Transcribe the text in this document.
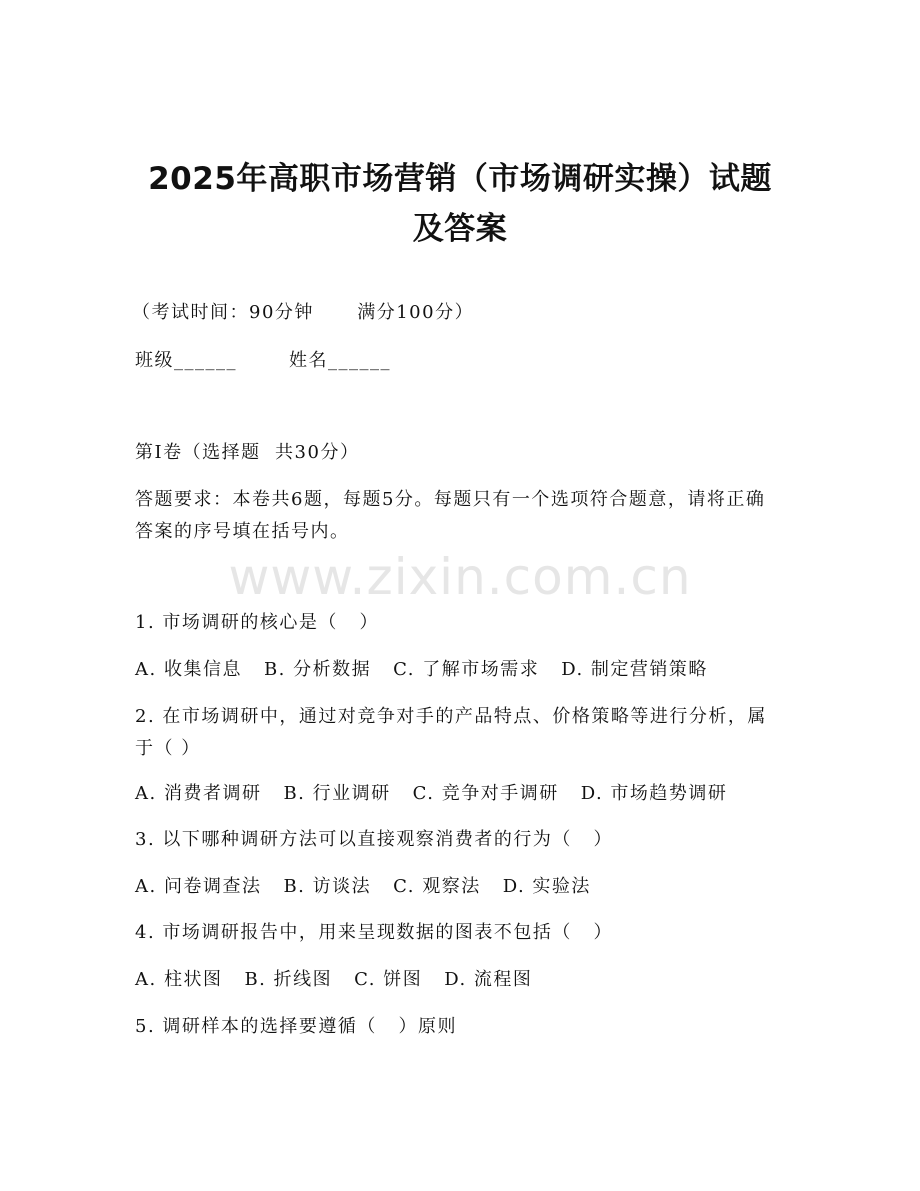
2025年高职市场营销（市场调研实操）试题
及答案
（考试时间：90分钟      满分100分）
班级______	姓名______
第Ⅰ卷（选择题  共30分）
答题要求：本卷共6题，每题5分。每题只有一个选项符合题意，请将正确答案的序号填在括号内。
www.zixin.com.cn
1. 市场调研的核心是（   ）
A. 收集信息 B. 分析数据 C. 了解市场需求 D. 制定营销策略
2. 在市场调研中，通过对竞争对手的产品特点、价格策略等进行分析，属于（ ）
A. 消费者调研 B. 行业调研 C. 竞争对手调研 D. 市场趋势调研
3. 以下哪种调研方法可以直接观察消费者的行为（   ）
A. 问卷调查法 B. 访谈法 C. 观察法 D. 实验法
4. 市场调研报告中，用来呈现数据的图表不包括（   ）
A. 柱状图 B. 折线图 C. 饼图 D. 流程图
5. 调研样本的选择要遵循（   ）原则
